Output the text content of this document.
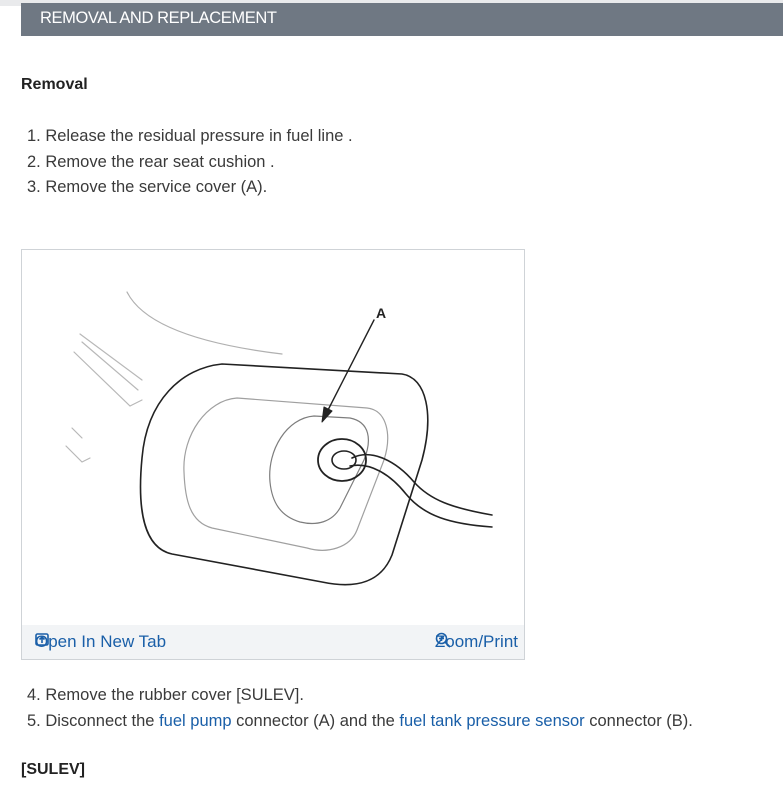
REMOVAL AND REPLACEMENT
Removal
1. Release the residual pressure in fuel line .
2. Remove the rear seat cushion .
3. Remove the service cover (A).
A
Open In New Tab	Zoom/Print
4. Remove the rubber cover [SULEV].
5. Disconnect the fuel pump connector (A) and the fuel tank pressure sensor connector (B).
[SULEV]
